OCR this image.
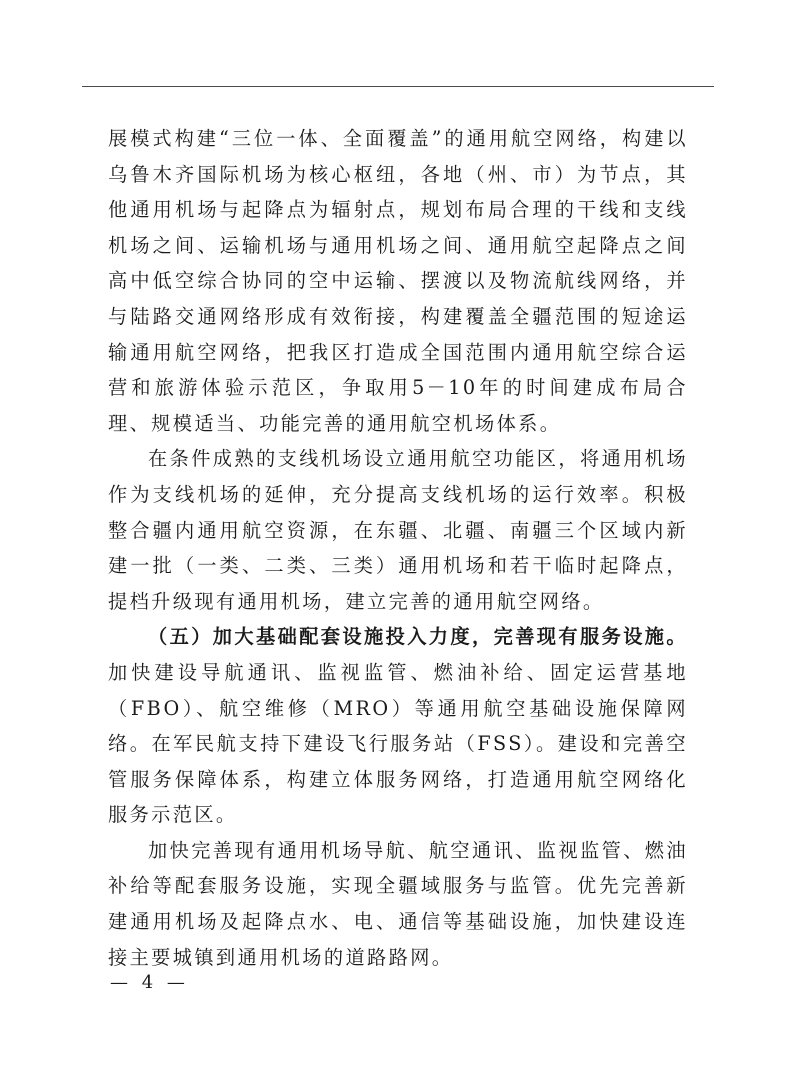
展模式构建“三位一体、全面覆盖”的通用航空网络，构建以乌鲁木齐国际机场为核心枢纽，各地（州、市）为节点，其他通用机场与起降点为辐射点，规划布局合理的干线和支线机场之间、运输机场与通用机场之间、通用航空起降点之间高中低空综合协同的空中运输、摆渡以及物流航线网络，并与陆路交通网络形成有效衔接，构建覆盖全疆范围的短途运输通用航空网络，把我区打造成全国范围内通用航空综合运营和旅游体验示范区，争取用5－10年的时间建成布局合理、规模适当、功能完善的通用航空机场体系。

在条件成熟的支线机场设立通用航空功能区，将通用机场作为支线机场的延伸，充分提高支线机场的运行效率。积极整合疆内通用航空资源，在东疆、北疆、南疆三个区域内新建一批（一类、二类、三类）通用机场和若干临时起降点，提档升级现有通用机场，建立完善的通用航空网络。

（五）加大基础配套设施投入力度，完善现有服务设施。加快建设导航通讯、监视监管、燃油补给、固定运营基地（FBO）、航空维修（MRO）等通用航空基础设施保障网络。在军民航支持下建设飞行服务站（FSS）。建设和完善空管服务保障体系，构建立体服务网络，打造通用航空网络化服务示范区。

加快完善现有通用机场导航、航空通讯、监视监管、燃油补给等配套服务设施，实现全疆域服务与监管。优先完善新建通用机场及起降点水、电、通信等基础设施，加快建设连接主要城镇到通用机场的道路路网。

— 4 —
